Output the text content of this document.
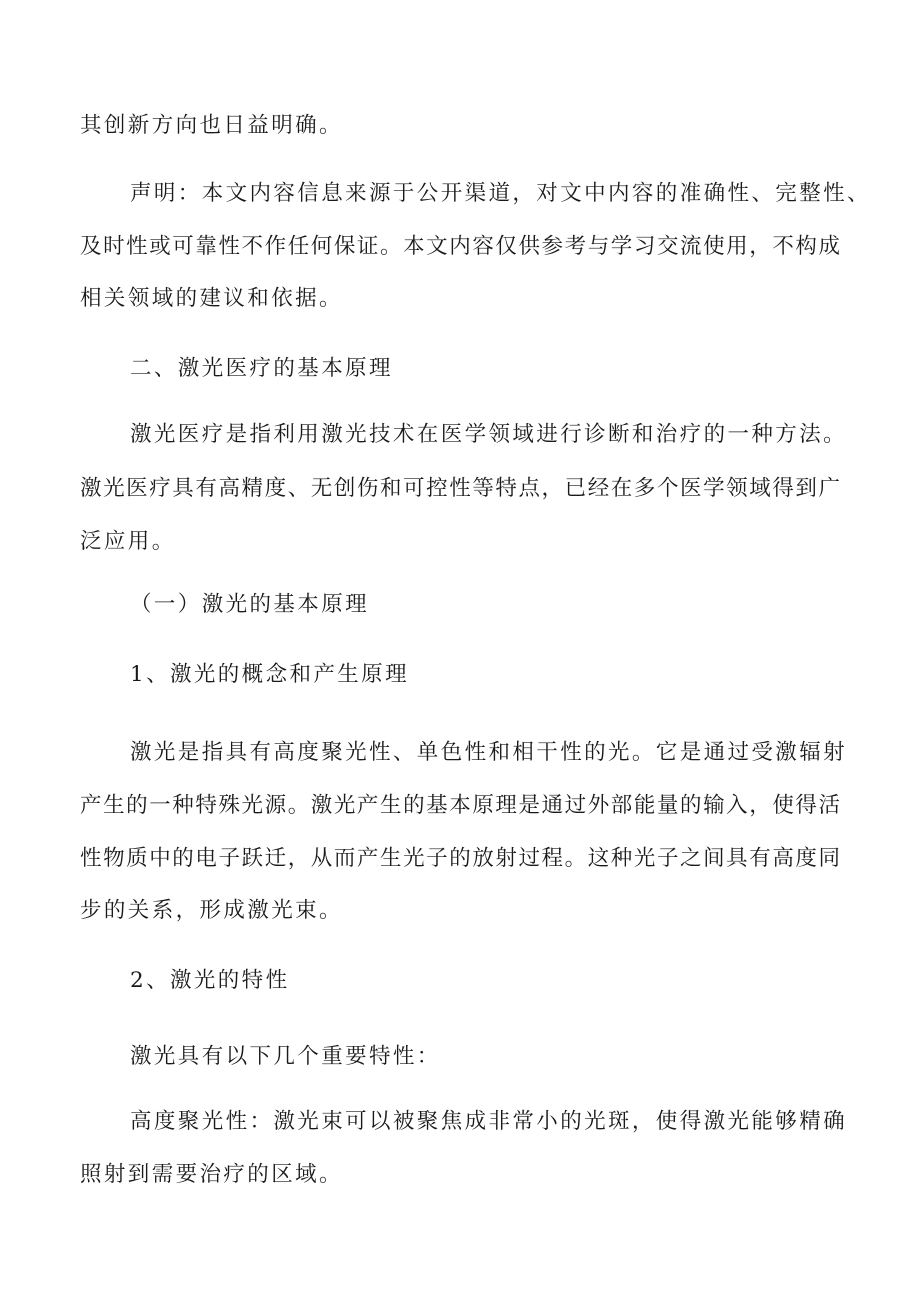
其创新方向也日益明确。
声明：本文内容信息来源于公开渠道，对文中内容的准确性、完整性、
及时性或可靠性不作任何保证。本文内容仅供参考与学习交流使用，不构成
相关领域的建议和依据。
二、激光医疗的基本原理
激光医疗是指利用激光技术在医学领域进行诊断和治疗的一种方法。
激光医疗具有高精度、无创伤和可控性等特点，已经在多个医学领域得到广
泛应用。
（一）激光的基本原理
1、激光的概念和产生原理
激光是指具有高度聚光性、单色性和相干性的光。它是通过受激辐射
产生的一种特殊光源。激光产生的基本原理是通过外部能量的输入，使得活
性物质中的电子跃迁，从而产生光子的放射过程。这种光子之间具有高度同
步的关系，形成激光束。
2、激光的特性
激光具有以下几个重要特性：
高度聚光性：激光束可以被聚焦成非常小的光斑，使得激光能够精确
照射到需要治疗的区域。
